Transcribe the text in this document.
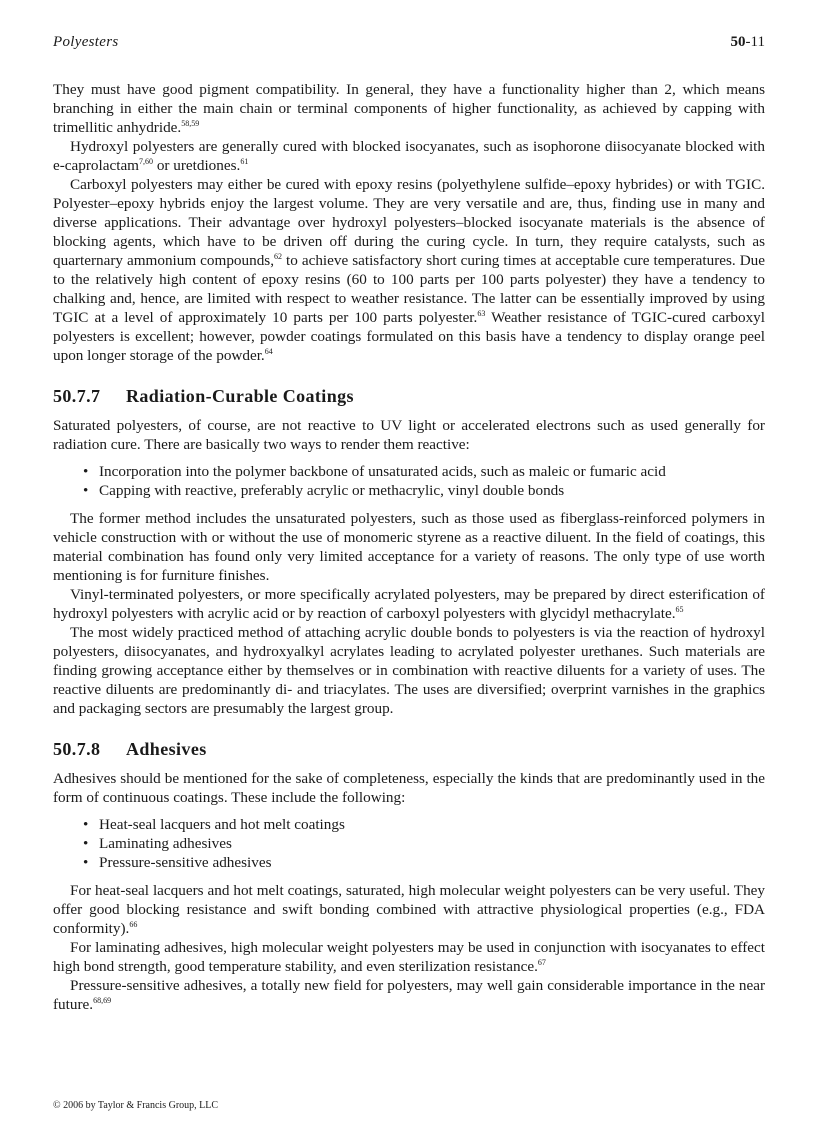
Polyesters	50-11

They must have good pigment compatibility. In general, they have a functionality higher than 2, which means branching in either the main chain or terminal components of higher functionality, as achieved by capping with trimellitic anhydride.$^{58,59}$

Hydroxyl polyesters are generally cured with blocked isocyanates, such as isophorone diisocyanate blocked with e-caprolactam$^{7,60}$ or uretdiones.$^{61}$

Carboxyl polyesters may either be cured with epoxy resins (polyethylene sulfide–epoxy hybrides) or with TGIC. Polyester–epoxy hybrids enjoy the largest volume. They are very versatile and are, thus, finding use in many and diverse applications. Their advantage over hydroxyl polyesters–blocked isocyanate materials is the absence of blocking agents, which have to be driven off during the curing cycle. In turn, they require catalysts, such as quarternary ammonium compounds,$^{62}$ to achieve satisfactory short curing times at acceptable cure temperatures. Due to the relatively high content of epoxy resins (60 to 100 parts per 100 parts polyester) they have a tendency to chalking and, hence, are limited with respect to weather resistance. The latter can be essentially improved by using TGIC at a level of approximately 10 parts per 100 parts polyester.$^{63}$ Weather resistance of TGIC-cured carboxyl polyesters is excellent; however, powder coatings formulated on this basis have a tendency to display orange peel upon longer storage of the powder.$^{64}$

50.7.7 Radiation-Curable Coatings

Saturated polyesters, of course, are not reactive to UV light or accelerated electrons such as used generally for radiation cure. There are basically two ways to render them reactive:

• Incorporation into the polymer backbone of unsaturated acids, such as maleic or fumaric acid
• Capping with reactive, preferably acrylic or methacrylic, vinyl double bonds

The former method includes the unsaturated polyesters, such as those used as fiberglass-reinforced polymers in vehicle construction with or without the use of monomeric styrene as a reactive diluent. In the field of coatings, this material combination has found only very limited acceptance for a variety of reasons. The only type of use worth mentioning is for furniture finishes.

Vinyl-terminated polyesters, or more specifically acrylated polyesters, may be prepared by direct esterification of hydroxyl polyesters with acrylic acid or by reaction of carboxyl polyesters with glycidyl methacrylate.$^{65}$

The most widely practiced method of attaching acrylic double bonds to polyesters is via the reaction of hydroxyl polyesters, diisocyanates, and hydroxyalkyl acrylates leading to acrylated polyester urethanes. Such materials are finding growing acceptance either by themselves or in combination with reactive diluents for a variety of uses. The reactive diluents are predominantly di- and triacylates. The uses are diversified; overprint varnishes in the graphics and packaging sectors are presumably the largest group.

50.7.8 Adhesives

Adhesives should be mentioned for the sake of completeness, especially the kinds that are predominantly used in the form of continuous coatings. These include the following:

• Heat-seal lacquers and hot melt coatings
• Laminating adhesives
• Pressure-sensitive adhesives

For heat-seal lacquers and hot melt coatings, saturated, high molecular weight polyesters can be very useful. They offer good blocking resistance and swift bonding combined with attractive physiological properties (e.g., FDA conformity).$^{66}$

For laminating adhesives, high molecular weight polyesters may be used in conjunction with isocyanates to effect high bond strength, good temperature stability, and even sterilization resistance.$^{67}$

Pressure-sensitive adhesives, a totally new field for polyesters, may well gain considerable importance in the near future.$^{68,69}$

© 2006 by Taylor & Francis Group, LLC
